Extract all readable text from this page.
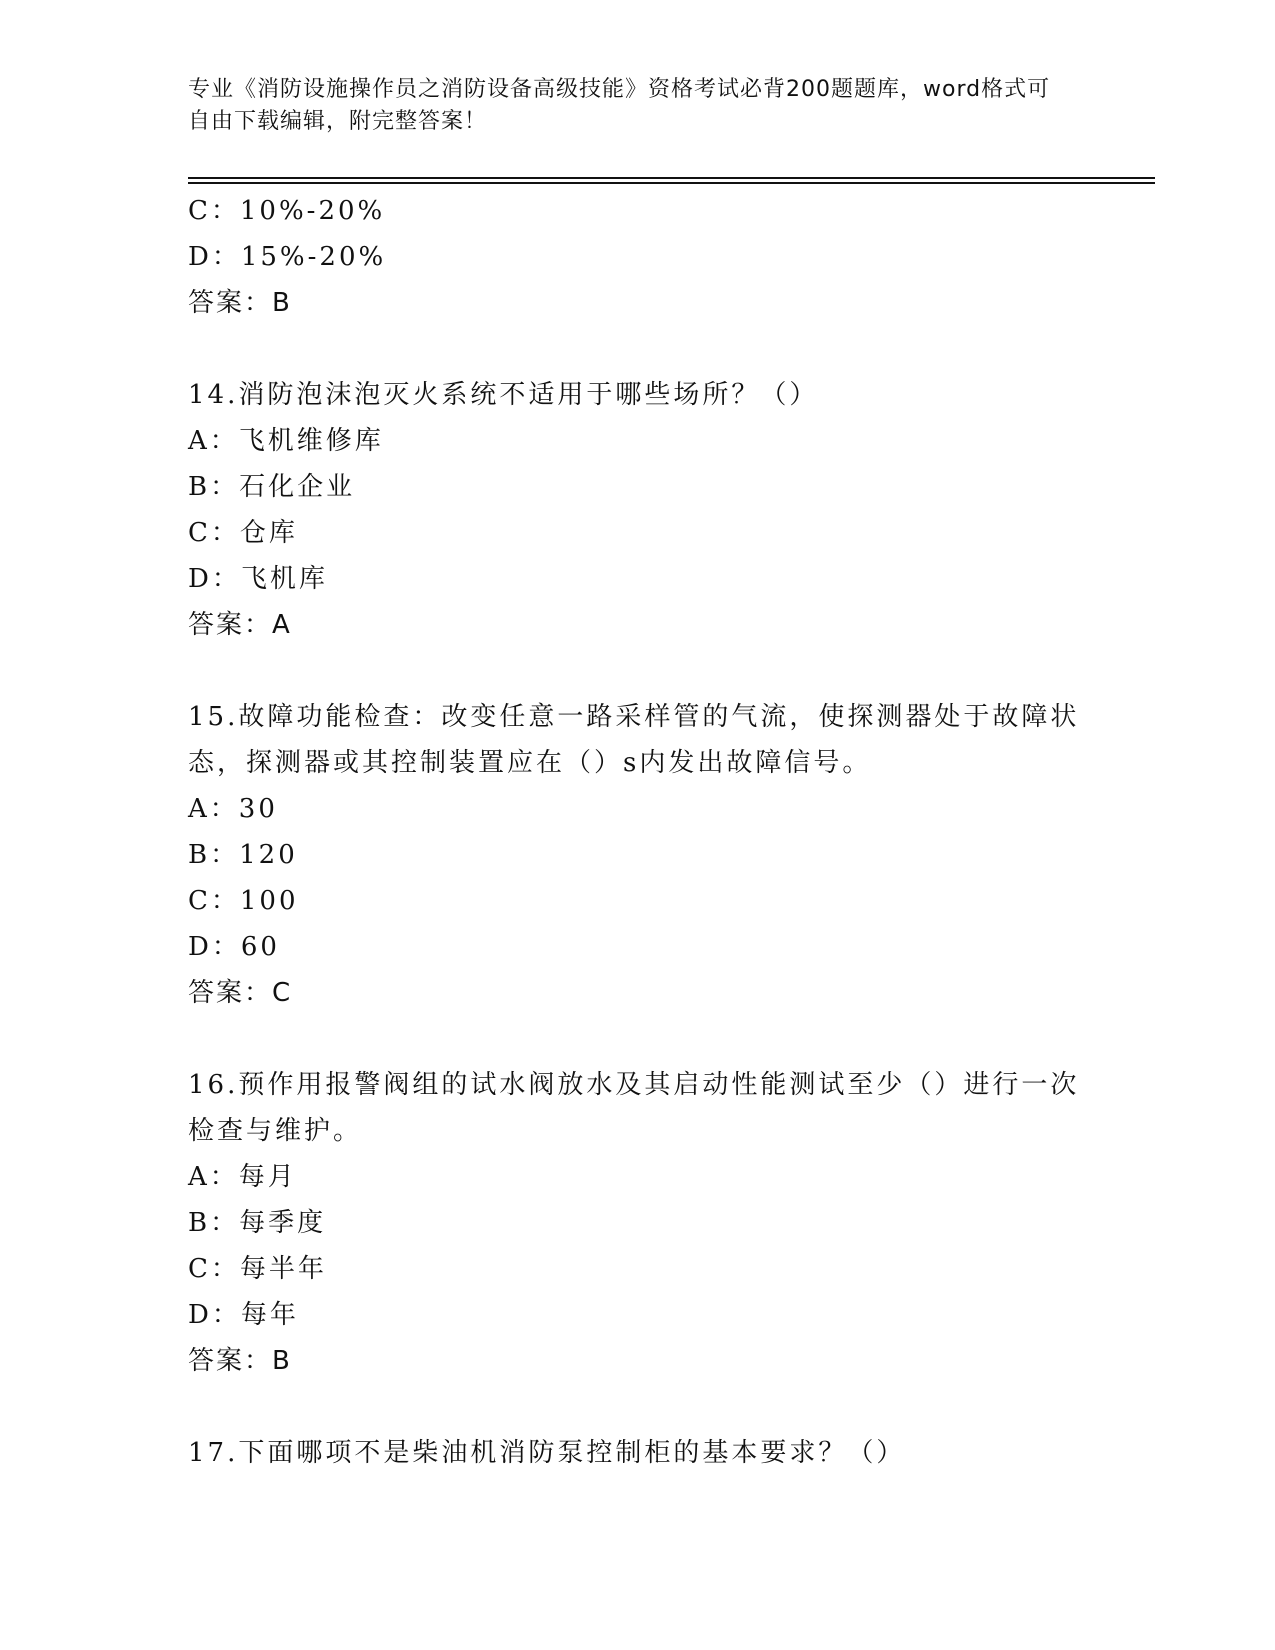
专业《消防设施操作员之消防设备高级技能》资格考试必背200题题库，word格式可自由下载编辑，附完整答案！
C：10%-20%
D：15%-20%
答案：B
14.消防泡沫泡灭火系统不适用于哪些场所？（）
A：飞机维修库
B：石化企业
C：仓库
D：飞机库
答案：A
15.故障功能检查：改变任意一路采样管的气流，使探测器处于故障状态，探测器或其控制装置应在（）s内发出故障信号。
A：30
B：120
C：100
D：60
答案：C
16.预作用报警阀组的试水阀放水及其启动性能测试至少（）进行一次检查与维护。
A：每月
B：每季度
C：每半年
D：每年
答案：B
17.下面哪项不是柴油机消防泵控制柜的基本要求？（）
